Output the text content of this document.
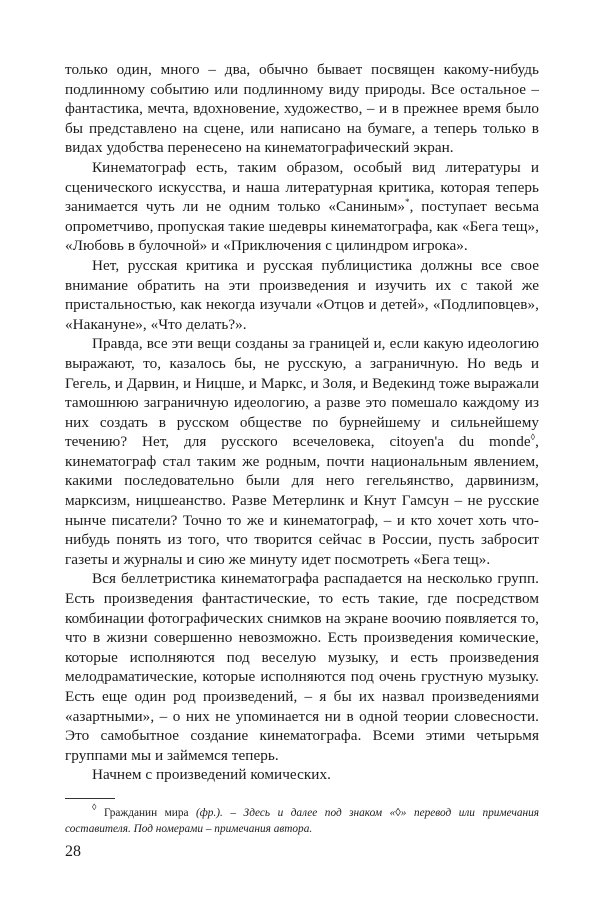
только один, много – два, обычно бывает посвящен какому-нибудь подлинному событию или подлинному виду природы. Все остальное – фантастика, мечта, вдохновение, художество, – и в прежнее время было бы представлено на сцене, или написано на бумаге, а теперь только в видах удобства перенесено на кинематографический экран.

Кинематограф есть, таким образом, особый вид литературы и сценического искусства, и наша литературная критика, которая теперь занимается чуть ли не одним только «Саниным»*, поступает весьма опрометчиво, пропуская такие шедевры кинематографа, как «Бега тещ», «Любовь в булочной» и «Приключения с цилиндром игрока».

Нет, русская критика и русская публицистика должны все свое внимание обратить на эти произведения и изучить их с такой же пристальностью, как некогда изучали «Отцов и детей», «Подлиповцев», «Накануне», «Что делать?».

Правда, все эти вещи созданы за границей и, если какую идеологию выражают, то, казалось бы, не русскую, а заграничную. Но ведь и Гегель, и Дарвин, и Ницше, и Маркс, и Золя, и Ведекинд тоже выражали тамошнюю заграничную идеологию, а разве это помешало каждому из них создать в русском обществе по бурнейшему и сильнейшему течению? Нет, для русского всечеловека, citoyen'a du monde◊, кинематограф стал таким же родным, почти национальным явлением, какими последовательно были для него гегельянство, дарвинизм, марксизм, ницшеанство. Разве Метерлинк и Кнут Гамсун – не русские нынче писатели? Точно то же и кинематограф, – и кто хочет хоть что-нибудь понять из того, что творится сейчас в России, пусть забросит газеты и журналы и сию же минуту идет посмотреть «Бега тещ».

Вся беллетристика кинематографа распадается на несколько групп. Есть произведения фантастические, то есть такие, где посредством комбинации фотографических снимков на экране воочию появляется то, что в жизни совершенно невозможно. Есть произведения комические, которые исполняются под веселую музыку, и есть произведения мелодраматические, которые исполняются под очень грустную музыку. Есть еще один род произведений, – я бы их назвал произведениями «азартными», – о них не упоминается ни в одной теории словесности. Это самобытное создание кинематографа. Всеми этими четырьмя группами мы и займемся теперь.

Начнем с произведений комических.

◊ Гражданин мира (фр.). – Здесь и далее под знаком «◊» перевод или примечания составителя. Под номерами – примечания автора.
28
